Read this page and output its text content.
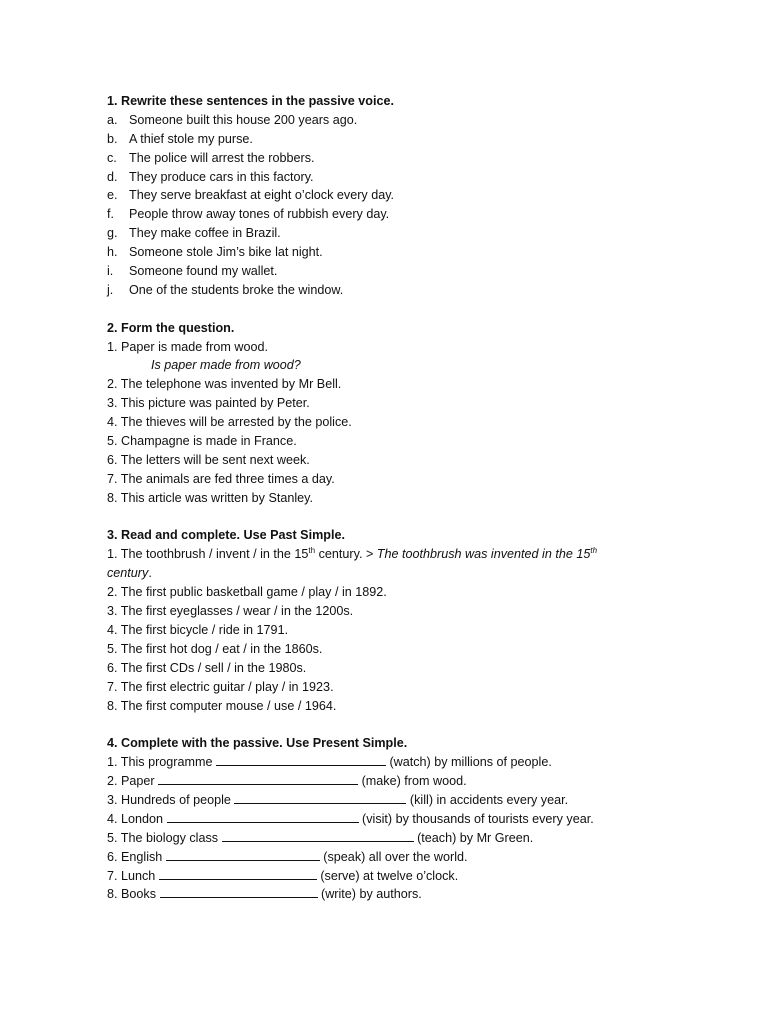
1. Rewrite these sentences in the passive voice.
a. Someone built this house 200 years ago.
b. A thief stole my purse.
c. The police will arrest the robbers.
d. They produce cars in this factory.
e. They serve breakfast at eight o’clock every day.
f. People throw away tones of rubbish every day.
g. They make coffee in Brazil.
h. Someone stole Jim’s bike lat night.
i. Someone found my wallet.
j. One of the students broke the window.
2. Form the question.
1. Paper is made from wood.
Is paper made from wood?
2. The telephone was invented by Mr Bell.
3. This picture was painted by Peter.
4. The thieves will be arrested by the police.
5. Champagne is made in France.
6. The letters will be sent next week.
7. The animals are fed three times a day.
8. This article was written by Stanley.
3. Read and complete. Use Past Simple.
1. The toothbrush / invent / in the 15th century. > The toothbrush was invented in the 15th
century.
2. The first public basketball game / play / in 1892.
3. The first eyeglasses / wear / in the 1200s.
4. The first bicycle / ride in 1791.
5. The first hot dog / eat / in the 1860s.
6. The first CDs / sell / in the 1980s.
7. The first electric guitar / play / in 1923.
8. The first computer mouse / use / 1964.
4. Complete with the passive. Use Present Simple.
1. This programme	(watch) by millions of people.
2. Paper	(make) from wood.
3. Hundreds of people	(kill) in accidents every year.
4. London	(visit) by thousands of tourists every year.
5. The biology class	(teach) by Mr Green.
6. English	(speak) all over the world.
7. Lunch	(serve) at twelve o’clock.
8. Books	(write) by authors.
